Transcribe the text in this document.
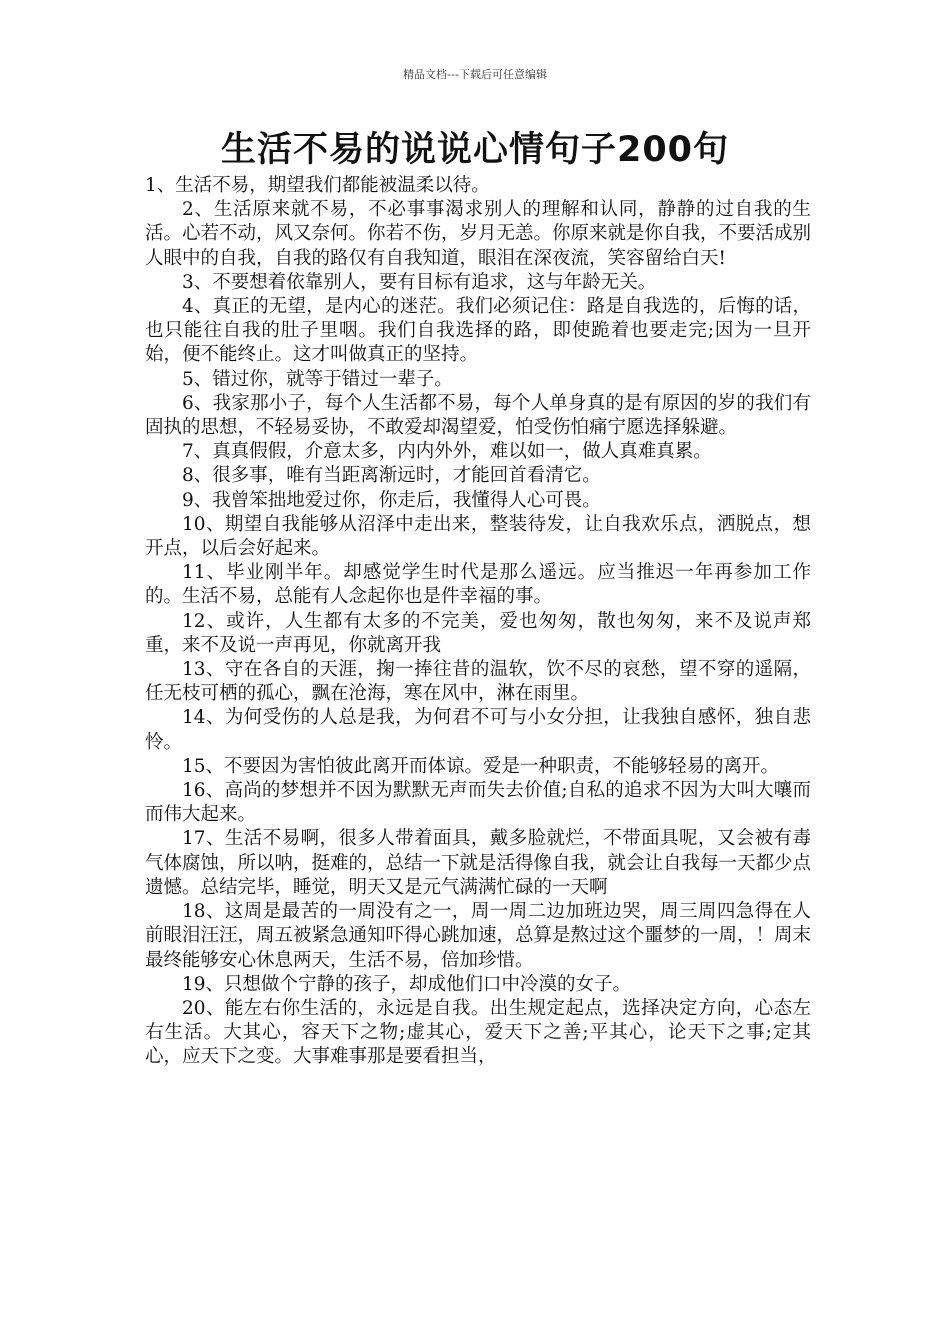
精品文档---下载后可任意编辑
生活不易的说说心情句子200句

1、生活不易，期望我们都能被温柔以待。

2、生活原来就不易，不必事事渴求别人的理解和认同，静静的过自我的生活。心若不动，风又奈何。你若不伤，岁月无恙。你原来就是你自我，不要活成别人眼中的自我，自我的路仅有自我知道，眼泪在深夜流，笑容留给白天!

3、不要想着依靠别人，要有目标有追求，这与年龄无关。

4、真正的无望，是内心的迷茫。我们必须记住：路是自我选的，后悔的话，也只能往自我的肚子里咽。我们自我选择的路，即使跪着也要走完;因为一旦开始，便不能终止。这才叫做真正的坚持。

5、错过你，就等于错过一辈子。

6、我家那小子，每个人生活都不易，每个人单身真的是有原因的岁的我们有固执的思想，不轻易妥协，不敢爱却渴望爱，怕受伤怕痛宁愿选择躲避。

7、真真假假，介意太多，内内外外，难以如一，做人真难真累。

8、很多事，唯有当距离渐远时，才能回首看清它。

9、我曾笨拙地爱过你，你走后，我懂得人心可畏。

10、期望自我能够从沼泽中走出来，整装待发，让自我欢乐点，洒脱点，想开点，以后会好起来。

11、毕业刚半年。却感觉学生时代是那么遥远。应当推迟一年再参加工作的。生活不易，总能有人念起你也是件幸福的事。

12、或许，人生都有太多的不完美，爱也匆匆，散也匆匆，来不及说声郑重，来不及说一声再见，你就离开我

13、守在各自的天涯，掬一捧往昔的温软，饮不尽的哀愁，望不穿的遥隔，任无枝可栖的孤心，飘在沧海，寒在风中，淋在雨里。

14、为何受伤的人总是我，为何君不可与小女分担，让我独自感怀，独自悲怜。

15、不要因为害怕彼此离开而体谅。爱是一种职责，不能够轻易的离开。

16、高尚的梦想并不因为默默无声而失去价值;自私的追求不因为大叫大嚷而而伟大起来。

17、生活不易啊，很多人带着面具，戴多脸就烂，不带面具呢，又会被有毒气体腐蚀，所以呐，挺难的，总结一下就是活得像自我，就会让自我每一天都少点遗憾。总结完毕，睡觉，明天又是元气满满忙碌的一天啊

18、这周是最苦的一周没有之一，周一周二边加班边哭，周三周四急得在人前眼泪汪汪，周五被紧急通知吓得心跳加速，总算是熬过这个噩梦的一周，！周末最终能够安心休息两天，生活不易，倍加珍惜。

19、只想做个宁静的孩子，却成他们口中冷漠的女子。

20、能左右你生活的，永远是自我。出生规定起点，选择决定方向，心态左右生活。大其心，容天下之物;虚其心，爱天下之善;平其心，论天下之事;定其心，应天下之变。大事难事那是要看担当，
